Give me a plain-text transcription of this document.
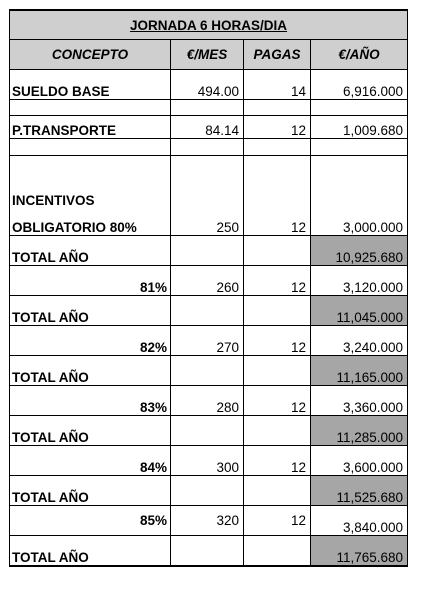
JORNADA 6 HORAS/DIA			
CONCEPTO	€/MES	PAGAS	€/AÑO
SUELDO BASE	494.00	14	6,916.000

P.TRANSPORTE	84.14	12	1,009.680

INCENTIVOS			
OBLIGATORIO 80%	250	12	3,000.000
TOTAL AÑO			10,925.680
81%	260	12	3,120.000
TOTAL AÑO			11,045.000
82%	270	12	3,240.000
TOTAL AÑO			11,165.000
83%	280	12	3,360.000
TOTAL AÑO			11,285.000
84%	300	12	3,600.000
TOTAL AÑO			11,525.680
85%	320	12	3,840.000
TOTAL AÑO			11,765.680
